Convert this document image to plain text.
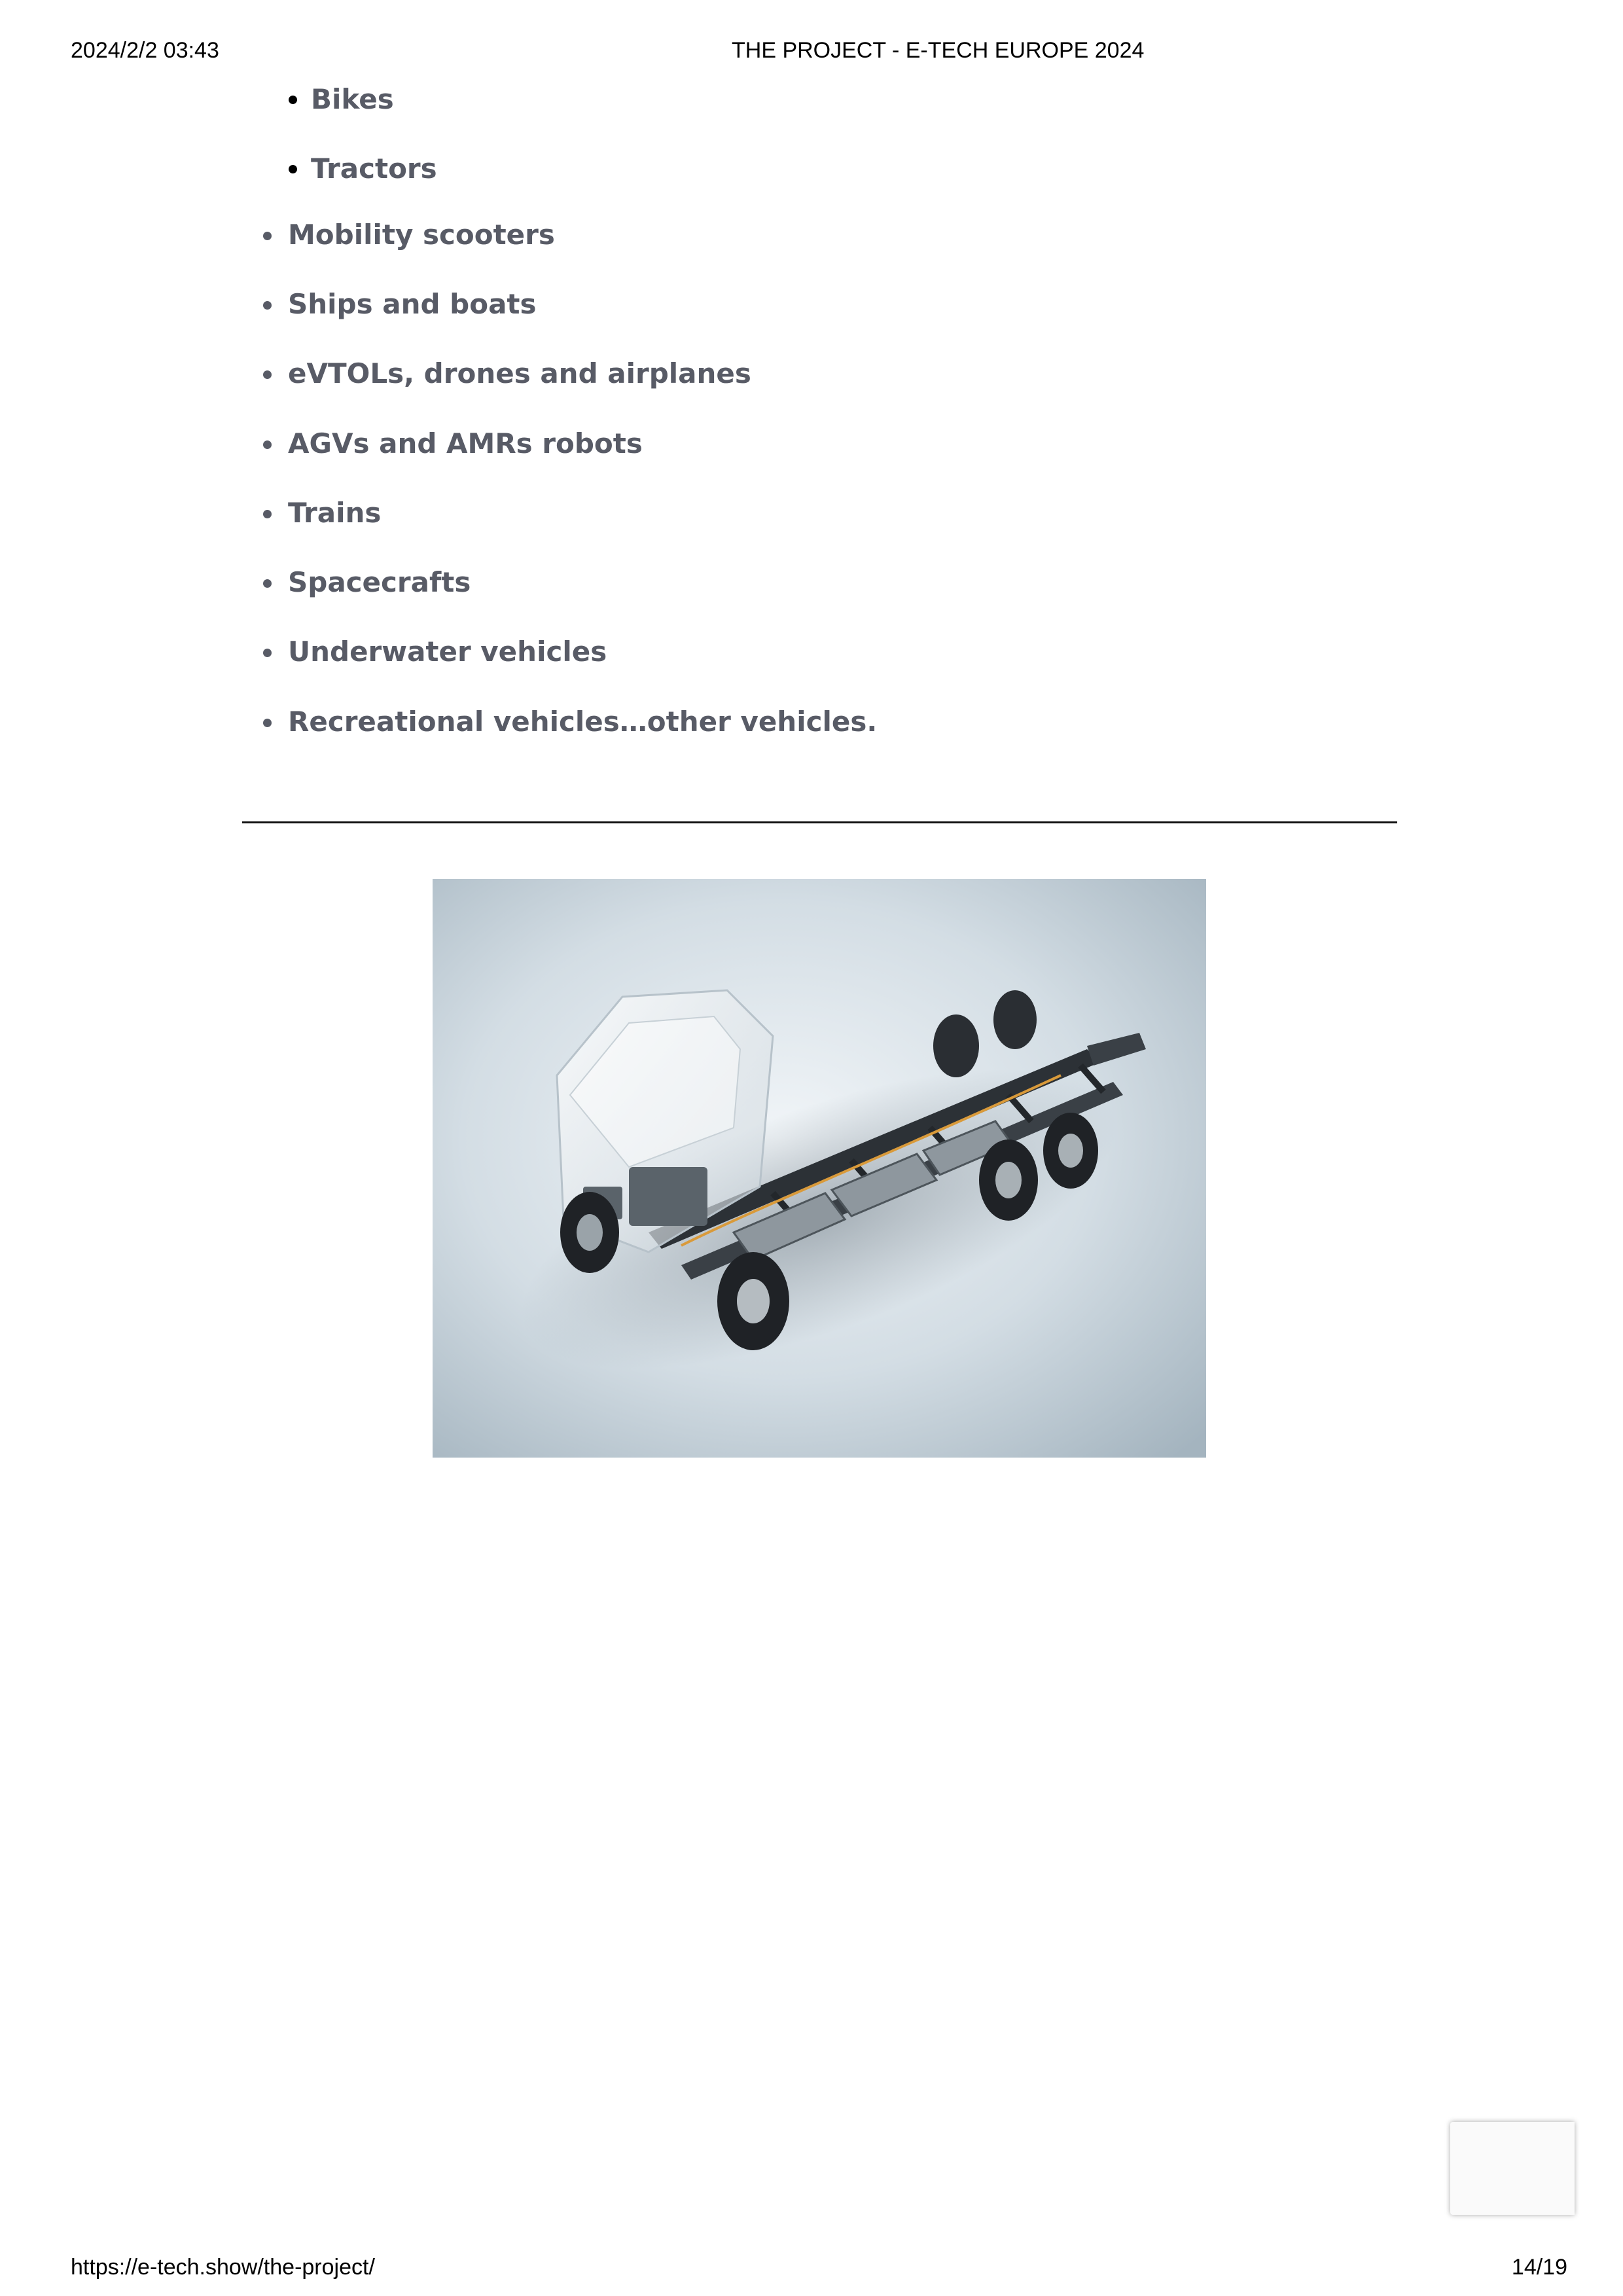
2024/2/2 03:43	THE PROJECT - E-TECH EUROPE 2024
Bikes
Tractors
Mobility scooters
Ships and boats
eVTOLs, drones and airplanes
AGVs and AMRs robots
Trains
Spacecrafts
Underwater vehicles
Recreational vehicles…other vehicles.
https://e-tech.show/the-project/	14/19
